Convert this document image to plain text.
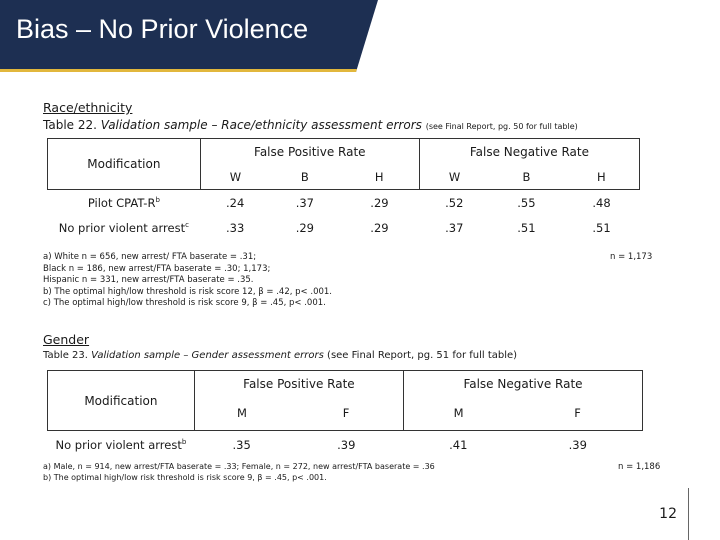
Bias – No Prior Violence
Race/ethnicity
Table 22. Validation sample – Race/ethnicity assessment errors (see Final Report, pg. 50 for full table)
Modification	False Positive Rate			False Negative Rate		
	W	B	H	W	B	H
Pilot CPAT-$R^b$	.24	.37	.29	.52	.55	.48
No prior violent arrest$^c$	.33	.29	.29	.37	.51	.51
a) White n = 656, new arrest/ FTA baserate = .31;
Black n = 186, new arrest/FTA baserate = .30; 1,173;
Hispanic n = 331, new arrest/FTA baserate = .35.
b) The optimal high/low threshold is risk score 12, β = .42, p< .001.
c) The optimal high/low threshold is risk score 9, β = .45, p< .001.
n = 1,173
Gender
Table 23. Validation sample – Gender assessment errors (see Final Report, pg. 51 for full table)
Modification	False Positive Rate		False Negative Rate	
	M	F	M	F
No prior violent arrest$^b$	.35	.39	.41	.39
a) Male, n = 914, new arrest/FTA baserate = .33; Female, n = 272, new arrest/FTA baserate = .36
b) The optimal high/low risk threshold is risk score 9, β = .45, p< .001.
n = 1,186
12
